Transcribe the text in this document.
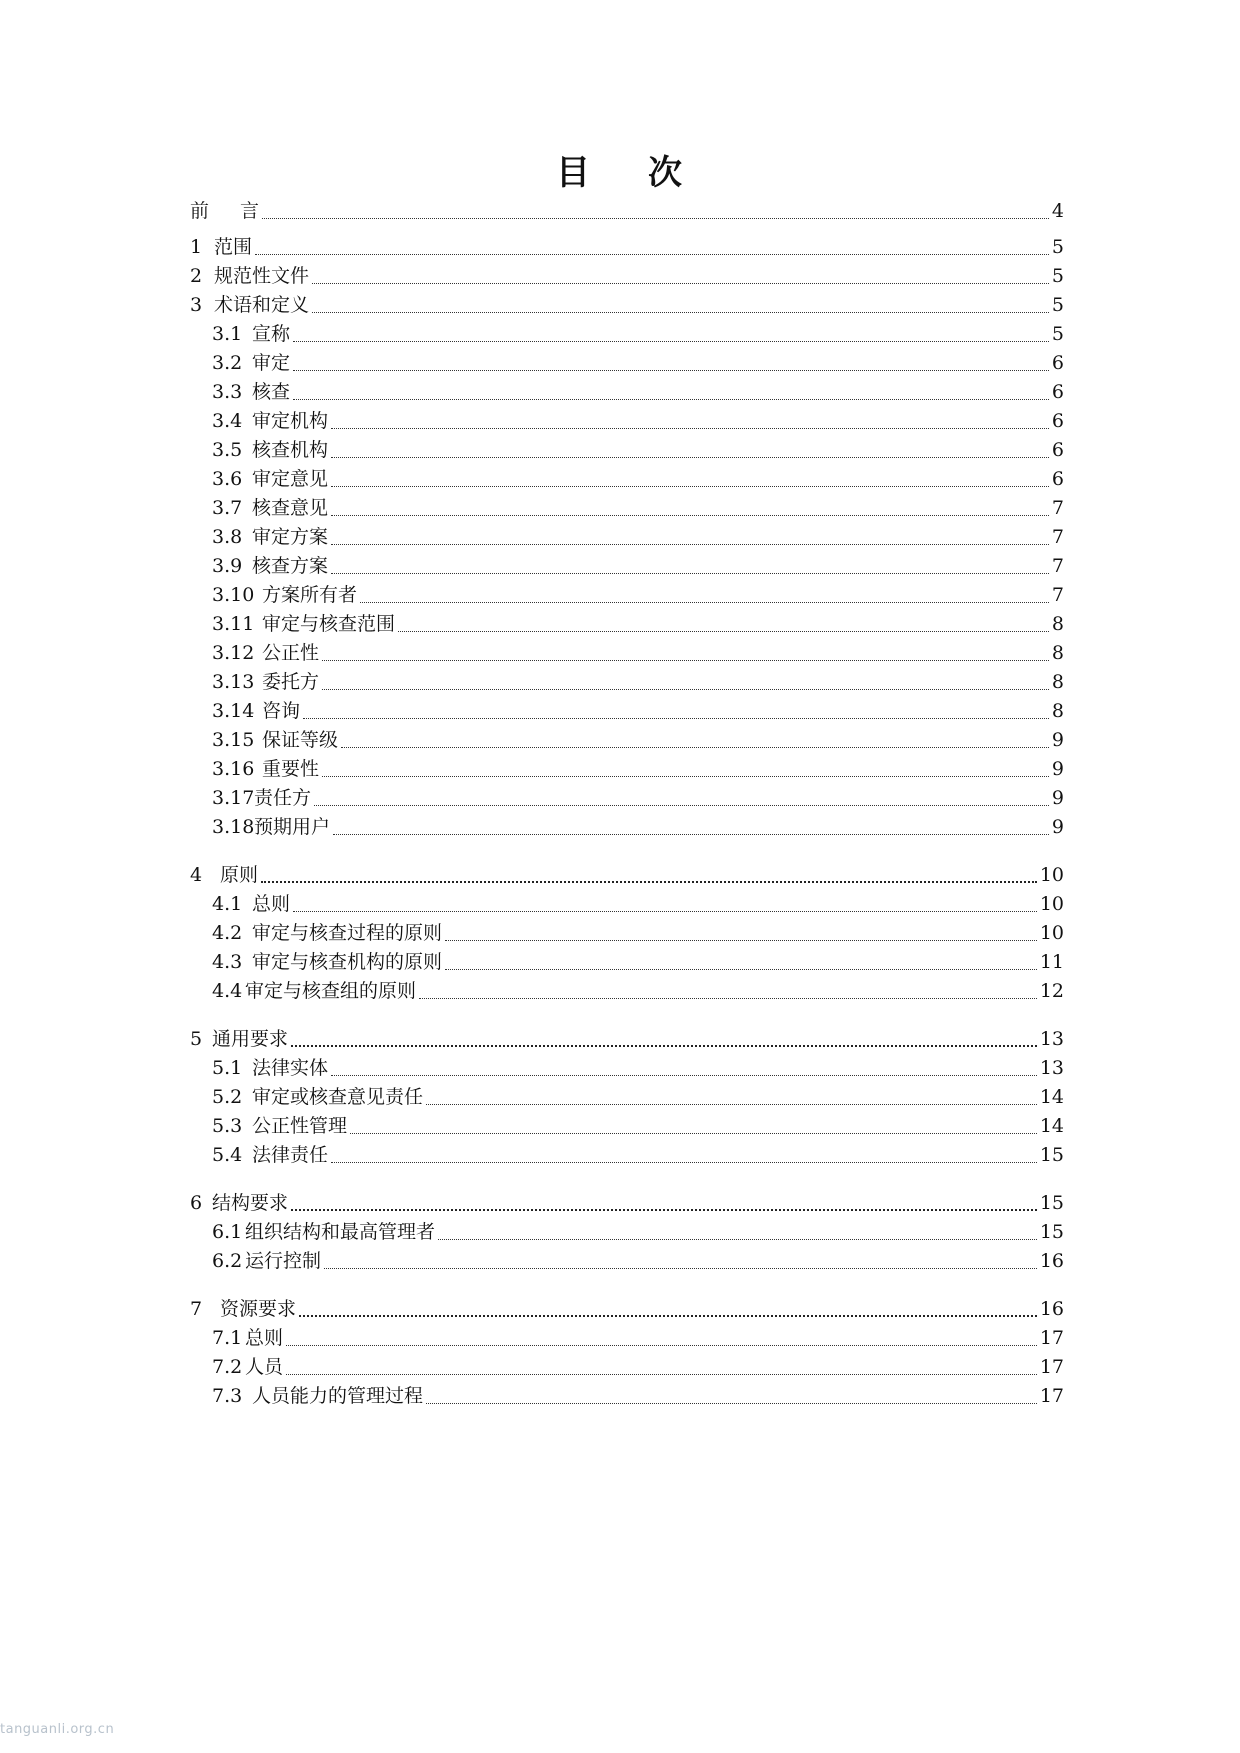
目 次
前	言	4
1 范围	5
2 规范性文件	5
3 术语和定义	5
3.1 宣称	5
3.2 审定	6
3.3 核查	6
3.4 审定机构	6
3.5 核查机构	6
3.6 审定意见	6
3.7 核查意见	7
3.8 审定方案	7
3.9 核查方案	7
3.10 方案所有者	7
3.11 审定与核查范围	8
3.12 公正性	8
3.13 委托方	8
3.14 咨询	8
3.15 保证等级	9
3.16 重要性	9
3.17 责任方	9
3.18 预期用户	9
4 原则	10
4.1 总则	10
4.2 审定与核查过程的原则	10
4.3 审定与核查机构的原则	11
4.4 审定与核查组的原则	12
5 通用要求	13
5.1 法律实体	13
5.2 审定或核查意见责任	14
5.3 公正性管理	14
5.4 法律责任	15
6 结构要求	15
6.1 组织结构和最高管理者	15
6.2 运行控制	16
7 资源要求	16
7.1 总则	17
7.2 人员	17
7.3 人员能力的管理过程	17
tanguanli.org.cn
